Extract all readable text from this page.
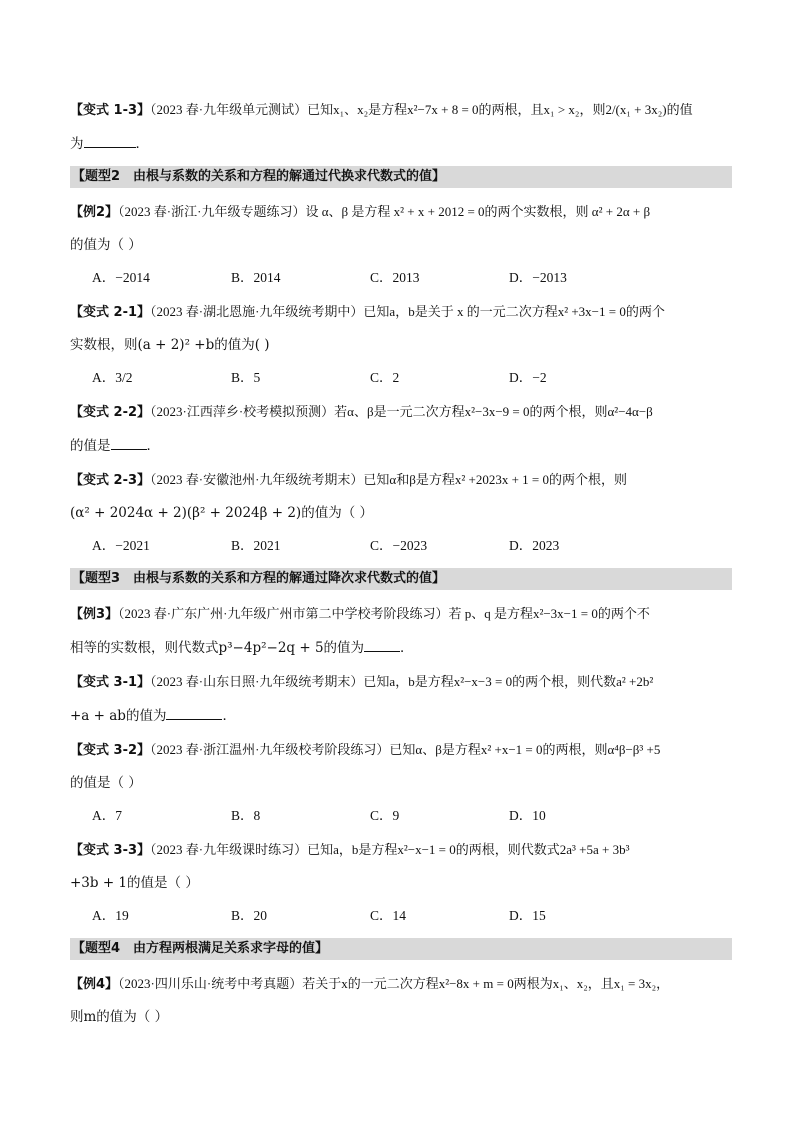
【变式 1-3】（2023 春·九年级单元测试）已知x₁、x₂是方程x²−7x + 8 = 0的两根，且x₁ > x₂，则2/(x₁ + 3x₂)的值
为	．
【题型2　由根与系数的关系和方程的解通过代换求代数式的值】
【例2】（2023 春·浙江·九年级专题练习）设 α、β 是方程 x² + x + 2012 = 0的两个实数根，则 α² + 2α + β
的值为（ ）
A．−2014	B．2014	C．2013	D．−2013
【变式 2-1】（2023 春·湖北恩施·九年级统考期中）已知a，b是关于 x 的一元二次方程x² +3x−1 = 0的两个
实数根，则(a + 2)² +b的值为( )
A．3/2	B．5	C．2	D．−2
【变式 2-2】（2023·江西萍乡·校考模拟预测）若α、β是一元二次方程x²−3x−9 = 0的两个根，则α²−4α−β
的值是	．
【变式 2-3】（2023 春·安徽池州·九年级统考期末）已知α和β是方程x² +2023x + 1 = 0的两个根，则
(α² + 2024α + 2)(β² + 2024β + 2)的值为（ ）
A．−2021	B．2021	C．−2023	D．2023
【题型3　由根与系数的关系和方程的解通过降次求代数式的值】
【例3】（2023 春·广东广州·九年级广州市第二中学校考阶段练习）若 p、q 是方程x²−3x−1 = 0的两个不
相等的实数根，则代数式p³−4p²−2q + 5的值为	．
【变式 3-1】（2023 春·山东日照·九年级统考期末）已知a，b是方程x²−x−3 = 0的两个根，则代数a² +2b²
+a + ab的值为	．
【变式 3-2】（2023 春·浙江温州·九年级校考阶段练习）已知α、β是方程x² +x−1 = 0的两根，则α⁴β−β³ +5
的值是（ ）
A．7	B．8	C．9	D．10
【变式 3-3】（2023 春·九年级课时练习）已知a，b是方程x²−x−1 = 0的两根，则代数式2a³ +5a + 3b³
+3b + 1的值是（ ）
A．19	B．20	C．14	D．15
【题型4　由方程两根满足关系求字母的值】
【例4】（2023·四川乐山·统考中考真题）若关于x的一元二次方程x²−8x + m = 0两根为x₁、x₂，且x₁ = 3x₂，
则m的值为（ ）
